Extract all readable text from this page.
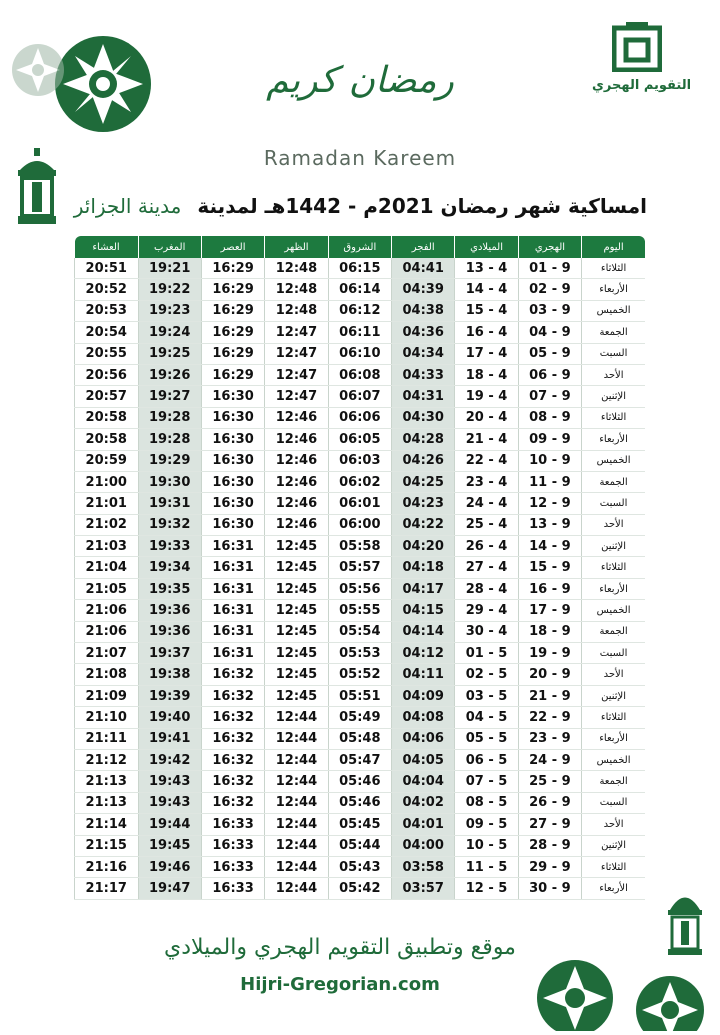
التقويم الهجري
رمضان كريم
Ramadan Kareem
امساكية شهر رمضان 2021م - 1442هـ لمدينةمدينة الجزائر
اليوم	الهجري	الميلادي	الفجر	الشروق	الظهر	العصر	المغرب	العشاء
الثلاثاء	01 - 9	13 - 4	04:41	06:15	12:48	16:29	19:21	20:51
الأربعاء	02 - 9	14 - 4	04:39	06:14	12:48	16:29	19:22	20:52
الخميس	03 - 9	15 - 4	04:38	06:12	12:48	16:29	19:23	20:53
الجمعة	04 - 9	16 - 4	04:36	06:11	12:47	16:29	19:24	20:54
السبت	05 - 9	17 - 4	04:34	06:10	12:47	16:29	19:25	20:55
الأحد	06 - 9	18 - 4	04:33	06:08	12:47	16:29	19:26	20:56
الإثنين	07 - 9	19 - 4	04:31	06:07	12:47	16:30	19:27	20:57
الثلاثاء	08 - 9	20 - 4	04:30	06:06	12:46	16:30	19:28	20:58
الأربعاء	09 - 9	21 - 4	04:28	06:05	12:46	16:30	19:28	20:58
الخميس	10 - 9	22 - 4	04:26	06:03	12:46	16:30	19:29	20:59
الجمعة	11 - 9	23 - 4	04:25	06:02	12:46	16:30	19:30	21:00
السبت	12 - 9	24 - 4	04:23	06:01	12:46	16:30	19:31	21:01
الأحد	13 - 9	25 - 4	04:22	06:00	12:46	16:30	19:32	21:02
الإثنين	14 - 9	26 - 4	04:20	05:58	12:45	16:31	19:33	21:03
الثلاثاء	15 - 9	27 - 4	04:18	05:57	12:45	16:31	19:34	21:04
الأربعاء	16 - 9	28 - 4	04:17	05:56	12:45	16:31	19:35	21:05
الخميس	17 - 9	29 - 4	04:15	05:55	12:45	16:31	19:36	21:06
الجمعة	18 - 9	30 - 4	04:14	05:54	12:45	16:31	19:36	21:06
السبت	19 - 9	01 - 5	04:12	05:53	12:45	16:31	19:37	21:07
الأحد	20 - 9	02 - 5	04:11	05:52	12:45	16:32	19:38	21:08
الإثنين	21 - 9	03 - 5	04:09	05:51	12:45	16:32	19:39	21:09
الثلاثاء	22 - 9	04 - 5	04:08	05:49	12:44	16:32	19:40	21:10
الأربعاء	23 - 9	05 - 5	04:06	05:48	12:44	16:32	19:41	21:11
الخميس	24 - 9	06 - 5	04:05	05:47	12:44	16:32	19:42	21:12
الجمعة	25 - 9	07 - 5	04:04	05:46	12:44	16:32	19:43	21:13
السبت	26 - 9	08 - 5	04:02	05:46	12:44	16:32	19:43	21:13
الأحد	27 - 9	09 - 5	04:01	05:45	12:44	16:33	19:44	21:14
الإثنين	28 - 9	10 - 5	04:00	05:44	12:44	16:33	19:45	21:15
الثلاثاء	29 - 9	11 - 5	03:58	05:43	12:44	16:33	19:46	21:16
الأربعاء	30 - 9	12 - 5	03:57	05:42	12:44	16:33	19:47	21:17
موقع وتطبيق التقويم الهجري والميلادي
Hijri-Gregorian.com
